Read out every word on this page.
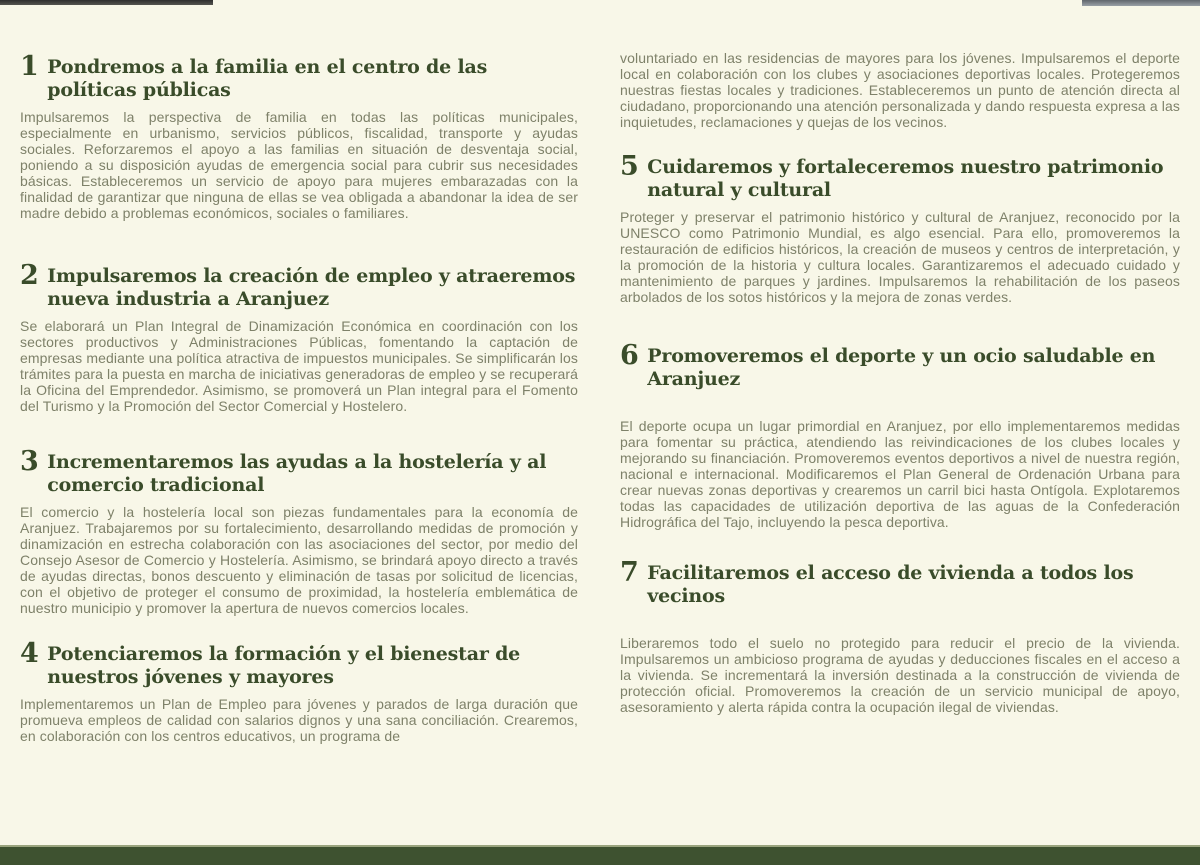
1 Pondremos a la familia en el centro de las políticas públicas

Impulsaremos la perspectiva de familia en todas las políticas municipales, especialmente en urbanismo, servicios públicos, fiscalidad, transporte y ayudas sociales. Reforzaremos el apoyo a las familias en situación de desventaja social, poniendo a su disposición ayudas de emergencia social para cubrir sus necesidades básicas. Estableceremos un servicio de apoyo para mujeres embarazadas con la finalidad de garantizar que ninguna de ellas se vea obligada a abandonar la idea de ser madre debido a problemas económicos, sociales o familiares.

2 Impulsaremos la creación de empleo y atraeremos nueva industria a Aranjuez

Se elaborará un Plan Integral de Dinamización Económica en coordinación con los sectores productivos y Administraciones Públicas, fomentando la captación de empresas mediante una política atractiva de impuestos municipales. Se simplificarán los trámites para la puesta en marcha de iniciativas generadoras de empleo y se recuperará la Oficina del Emprendedor. Asimismo, se promoverá un Plan integral para el Fomento del Turismo y la Promoción del Sector Comercial y Hostelero.

3 Incrementaremos las ayudas a la hostelería y al comercio tradicional

El comercio y la hostelería local son piezas fundamentales para la economía de Aranjuez. Trabajaremos por su fortalecimiento, desarrollando medidas de promoción y dinamización en estrecha colaboración con las asociaciones del sector, por medio del Consejo Asesor de Comercio y Hostelería. Asimismo, se brindará apoyo directo a través de ayudas directas, bonos descuento y eliminación de tasas por solicitud de licencias, con el objetivo de proteger el consumo de proximidad, la hostelería emblemática de nuestro municipio y promover la apertura de nuevos comercios locales.

4 Potenciaremos la formación y el bienestar de nuestros jóvenes y mayores

Implementaremos un Plan de Empleo para jóvenes y parados de larga duración que promueva empleos de calidad con salarios dignos y una sana conciliación. Crearemos, en colaboración con los centros educativos, un programa de

voluntariado en las residencias de mayores para los jóvenes. Impulsaremos el deporte local en colaboración con los clubes y asociaciones deportivas locales. Protegeremos nuestras fiestas locales y tradiciones. Estableceremos un punto de atención directa al ciudadano, proporcionando una atención personalizada y dando respuesta expresa a las inquietudes, reclamaciones y quejas de los vecinos.

5 Cuidaremos y fortaleceremos nuestro patrimonio natural y cultural

Proteger y preservar el patrimonio histórico y cultural de Aranjuez, reconocido por la UNESCO como Patrimonio Mundial, es algo esencial. Para ello, promoveremos la restauración de edificios históricos, la creación de museos y centros de interpretación, y la promoción de la historia y cultura locales. Garantizaremos el adecuado cuidado y mantenimiento de parques y jardines. Impulsaremos la rehabilitación de los paseos arbolados de los sotos históricos y la mejora de zonas verdes.

6 Promoveremos el deporte y un ocio saludable en Aranjuez

El deporte ocupa un lugar primordial en Aranjuez, por ello implementaremos medidas para fomentar su práctica, atendiendo las reivindicaciones de los clubes locales y mejorando su financiación. Promoveremos eventos deportivos a nivel de nuestra región, nacional e internacional. Modificaremos el Plan General de Ordenación Urbana para crear nuevas zonas deportivas y crearemos un carril bici hasta Ontígola. Explotaremos todas las capacidades de utilización deportiva de las aguas de la Confederación Hidrográfica del Tajo, incluyendo la pesca deportiva.

7 Facilitaremos el acceso de vivienda a todos los vecinos

Liberaremos todo el suelo no protegido para reducir el precio de la vivienda. Impulsaremos un ambicioso programa de ayudas y deducciones fiscales en el acceso a la vivienda. Se incrementará la inversión destinada a la construcción de vivienda de protección oficial. Promoveremos la creación de un servicio municipal de apoyo, asesoramiento y alerta rápida contra la ocupación ilegal de viviendas.
